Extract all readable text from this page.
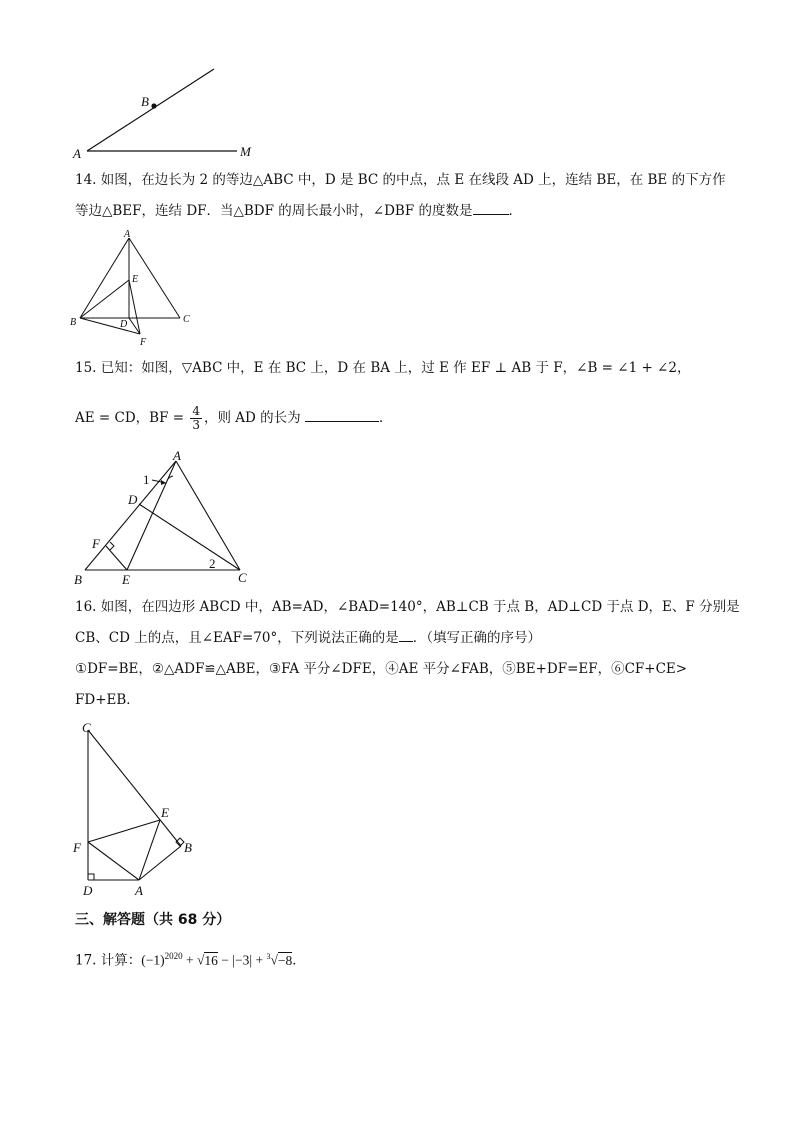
A
B
M
14. 如图，在边长为 2 的等边△ABC 中，D 是 BC 的中点，点 E 在线段 AD 上，连结 BE，在 BE 的下方作
等边△BEF，连结 DF．当△BDF 的周长最小时，∠DBF 的度数是	．
A
E
B	D	C
F
15. 已知：如图，▽ABC 中，E 在 BC 上，D 在 BA 上，过 E 作 EF ⊥ AB 于 F，∠B = ∠1 + ∠2，
AE = CD，BF = $\frac{4}{3}$ ，则 AD 的长为	．
A
1
D
F
2
B	E	C
16. 如图，在四边形 ABCD 中，AB=AD，∠BAD=140°，AB⊥CB 于点 B，AD⊥CD 于点 D，E、F 分别是
CB、CD 上的点，且∠EAF=70°，下列说法正确的是 ．（填写正确的序号）
①DF=BE，②△ADF≌△ABE，③FA 平分∠DFE，④AE 平分∠FAB，⑤BE+DF=EF，⑥CF+CE>
FD+EB．
C
E
F	B
D	A
三、解答题（共 68 分）
17. 计算：$(-1)^{2020} + √16 - |-3| + ^3√-8$．
